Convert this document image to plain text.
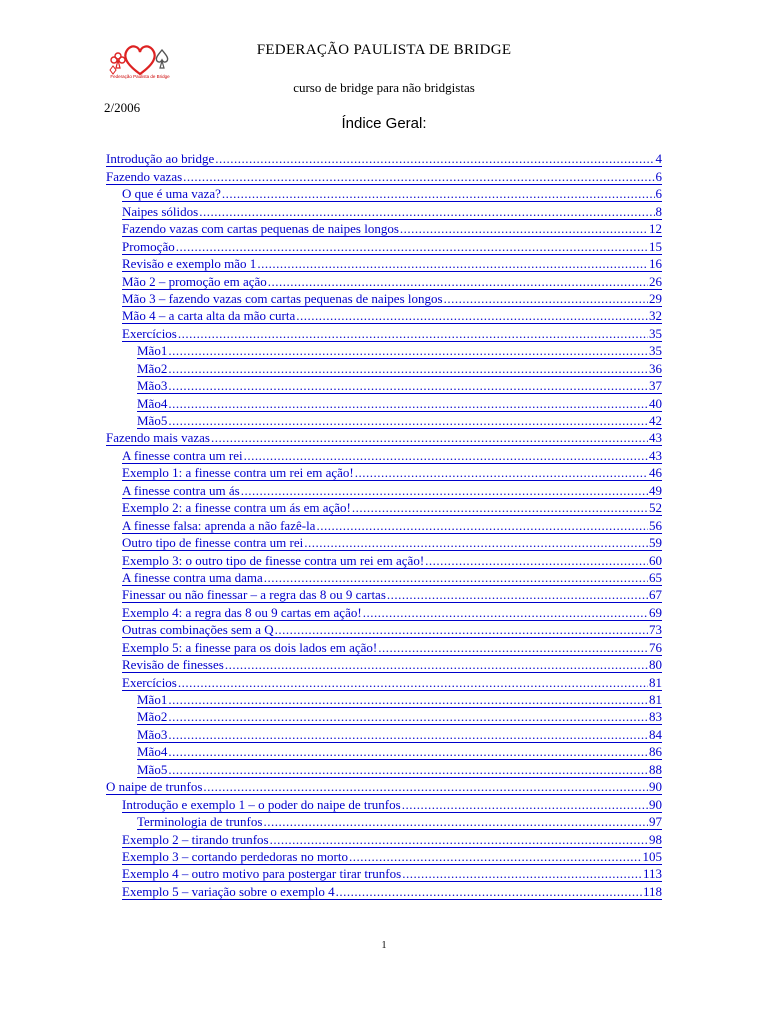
Federação Paulista de Bridge
FEDERAÇÃO PAULISTA DE BRIDGE
curso de bridge para não bridgistas
2/2006
Índice Geral:
Introdução ao bridge .....	4
Fazendo vazas .....	6
O que é uma vaza? .....	6
Naipes sólidos .....	8
Fazendo vazas com cartas pequenas de naipes longos .....	12
Promoção .....	15
Revisão e exemplo mão 1 .....	16
Mão 2 – promoção em ação .....	26
Mão 3 – fazendo vazas com cartas pequenas de naipes longos .....	29
Mão 4 – a carta alta da mão curta .....	32
Exercícios .....	35
Mão1 .....	35
Mão2 .....	36
Mão3 .....	37
Mão4 .....	40
Mão5 .....	42
Fazendo mais vazas .....	43
A finesse contra um rei .....	43
Exemplo 1: a finesse contra um rei em ação! .....	46
A finesse contra um ás .....	49
Exemplo 2: a finesse contra um ás em ação! .....	52
A finesse falsa: aprenda a não fazê-la .....	56
Outro tipo de finesse contra um rei .....	59
Exemplo 3: o outro tipo de finesse contra um rei em ação! .....	60
A finesse contra uma dama .....	65
Finessar ou não finessar – a regra das 8 ou 9 cartas .....	67
Exemplo 4: a regra das 8 ou 9 cartas em ação! .....	69
Outras combinações sem a Q .....	73
Exemplo 5: a finesse para os dois lados em ação! .....	76
Revisão de finesses .....	80
Exercícios .....	81
Mão1 .....	81
Mão2 .....	83
Mão3 .....	84
Mão4 .....	86
Mão5 .....	88
O naipe de trunfos .....	90
Introdução e exemplo 1 – o poder do naipe de trunfos .....	90
Terminologia de trunfos .....	97
Exemplo 2 – tirando trunfos .....	98
Exemplo 3 – cortando perdedoras no morto .....	105
Exemplo 4 – outro motivo para postergar tirar trunfos .....	113
Exemplo 5 – variação sobre o exemplo 4 .....	118
1
